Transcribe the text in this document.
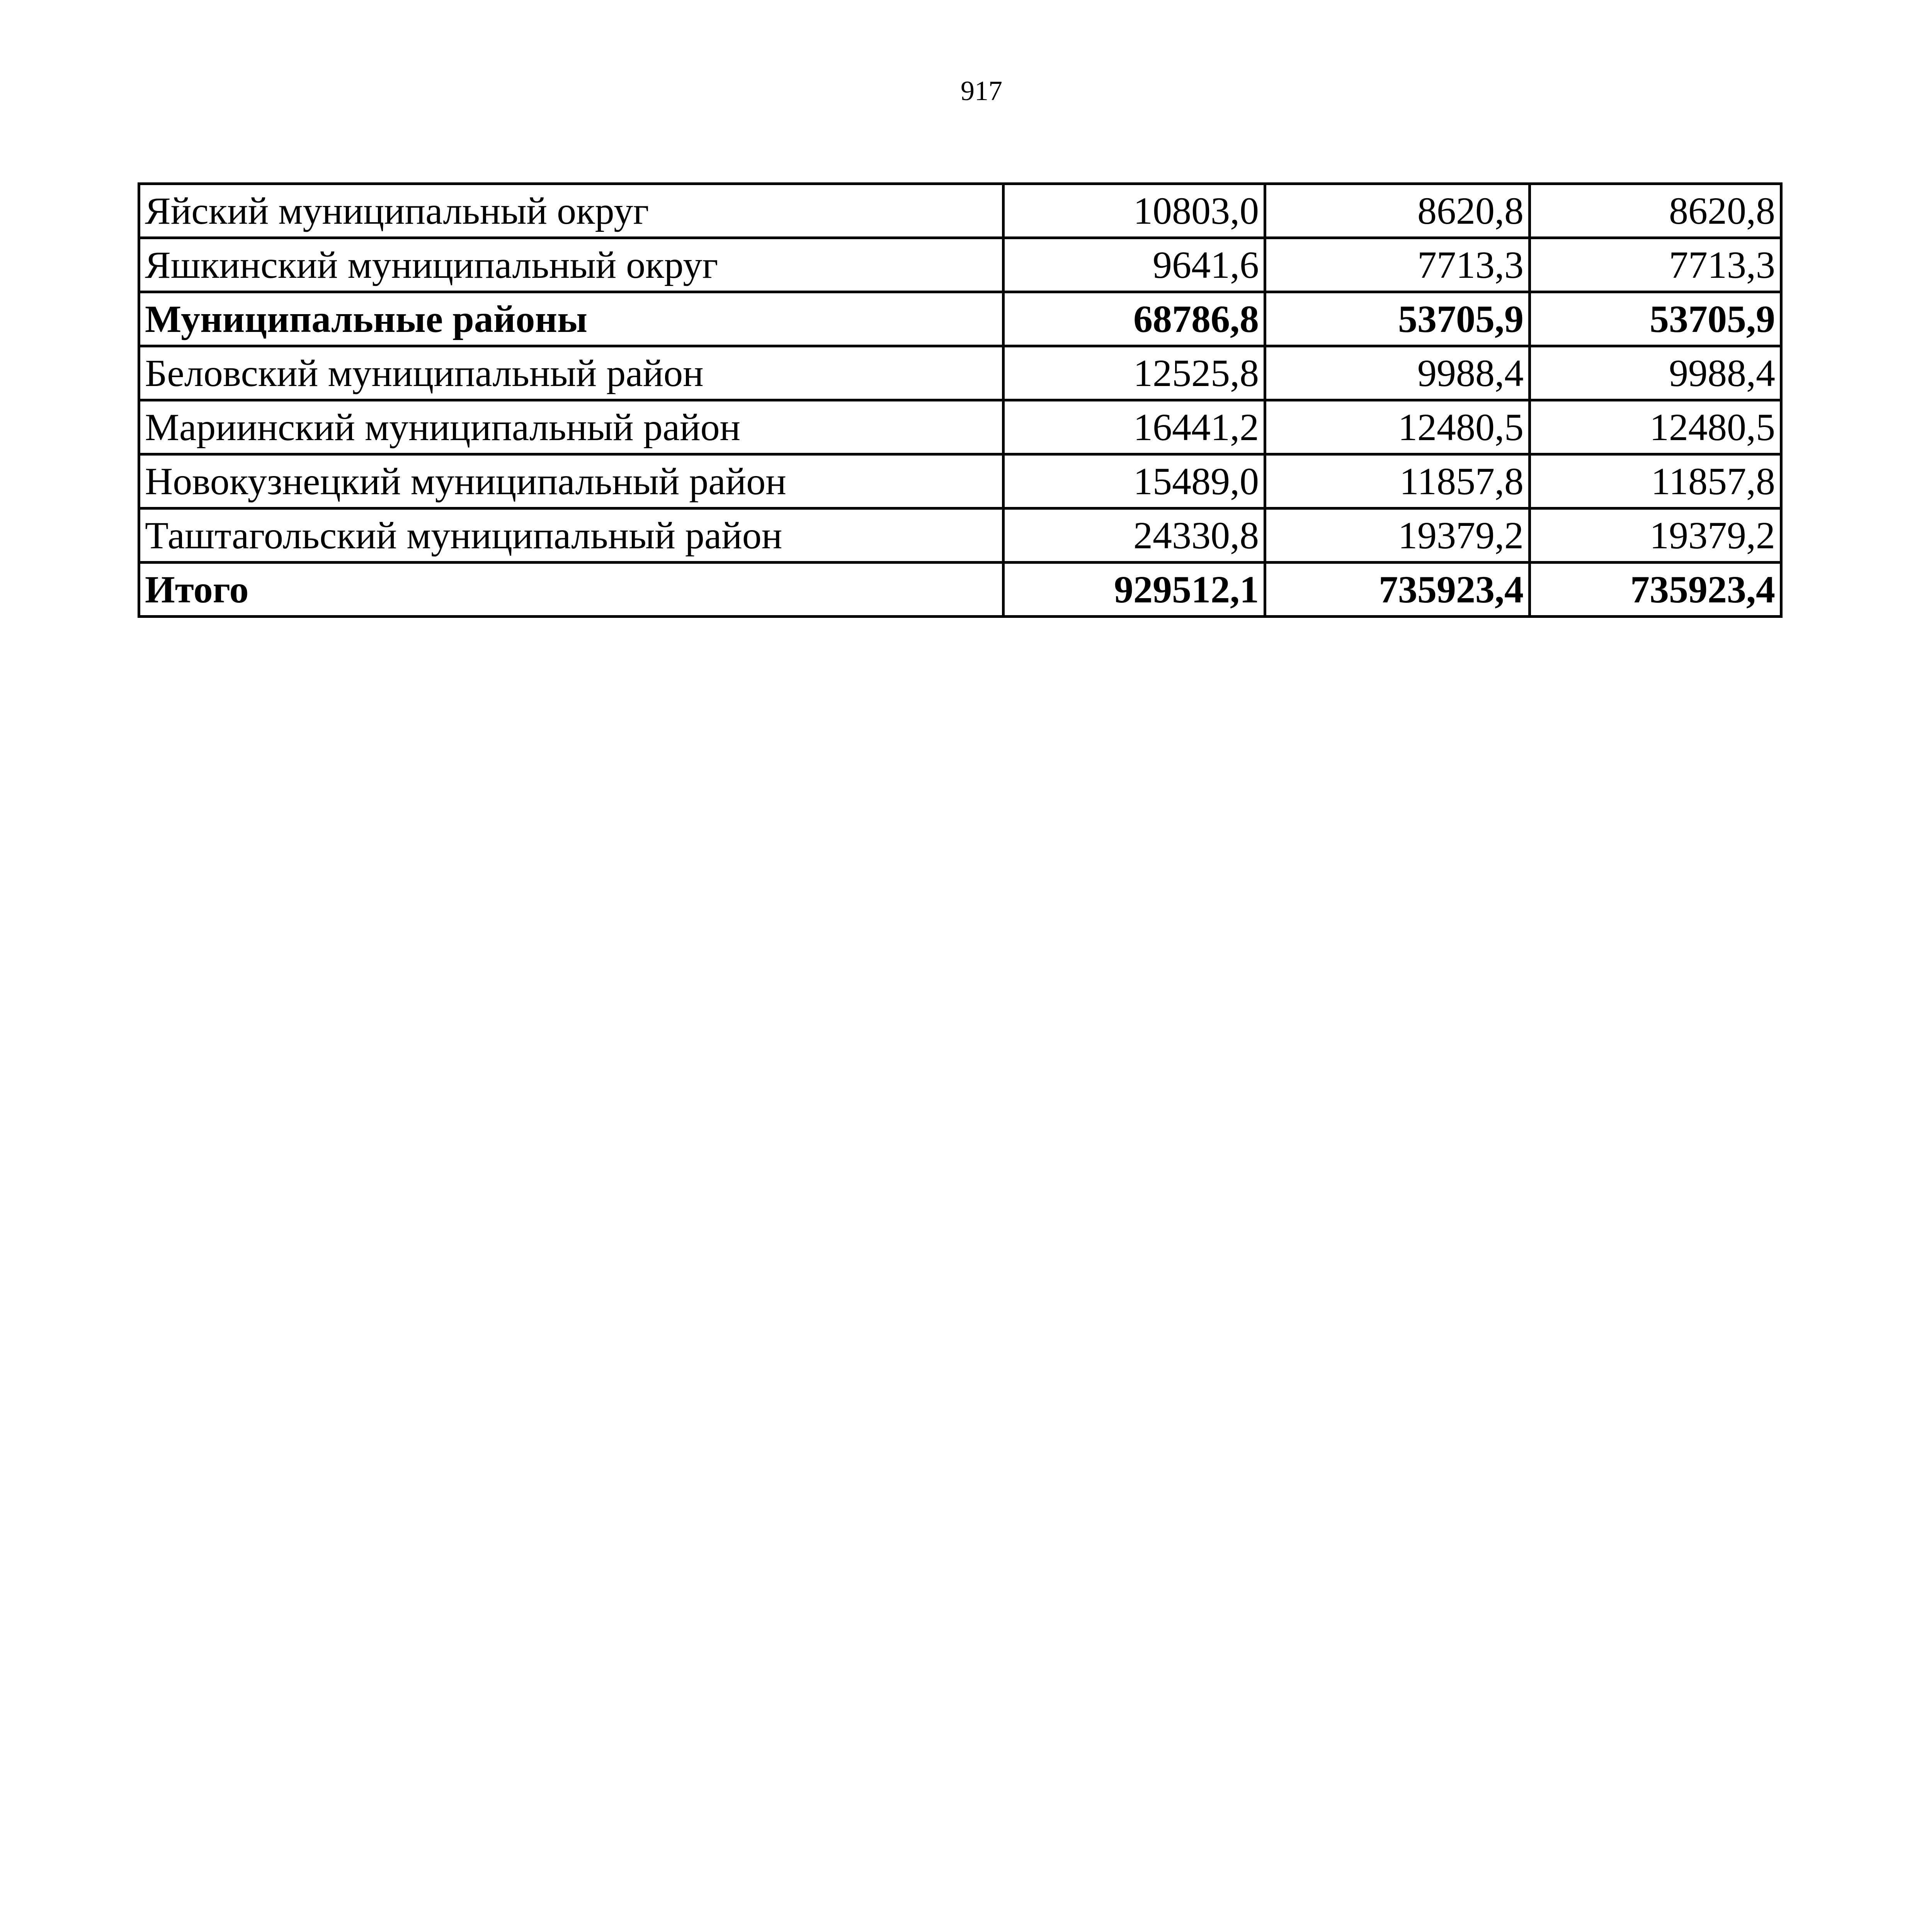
917
Яйский муниципальный округ	10803,0	8620,8	8620,8
Яшкинский муниципальный округ	9641,6	7713,3	7713,3
Муниципальные районы	68786,8	53705,9	53705,9
Беловский муниципальный район	12525,8	9988,4	9988,4
Мариинский муниципальный район	16441,2	12480,5	12480,5
Новокузнецкий муниципальный район	15489,0	11857,8	11857,8
Таштагольский муниципальный район	24330,8	19379,2	19379,2
Итого	929512,1	735923,4	735923,4
